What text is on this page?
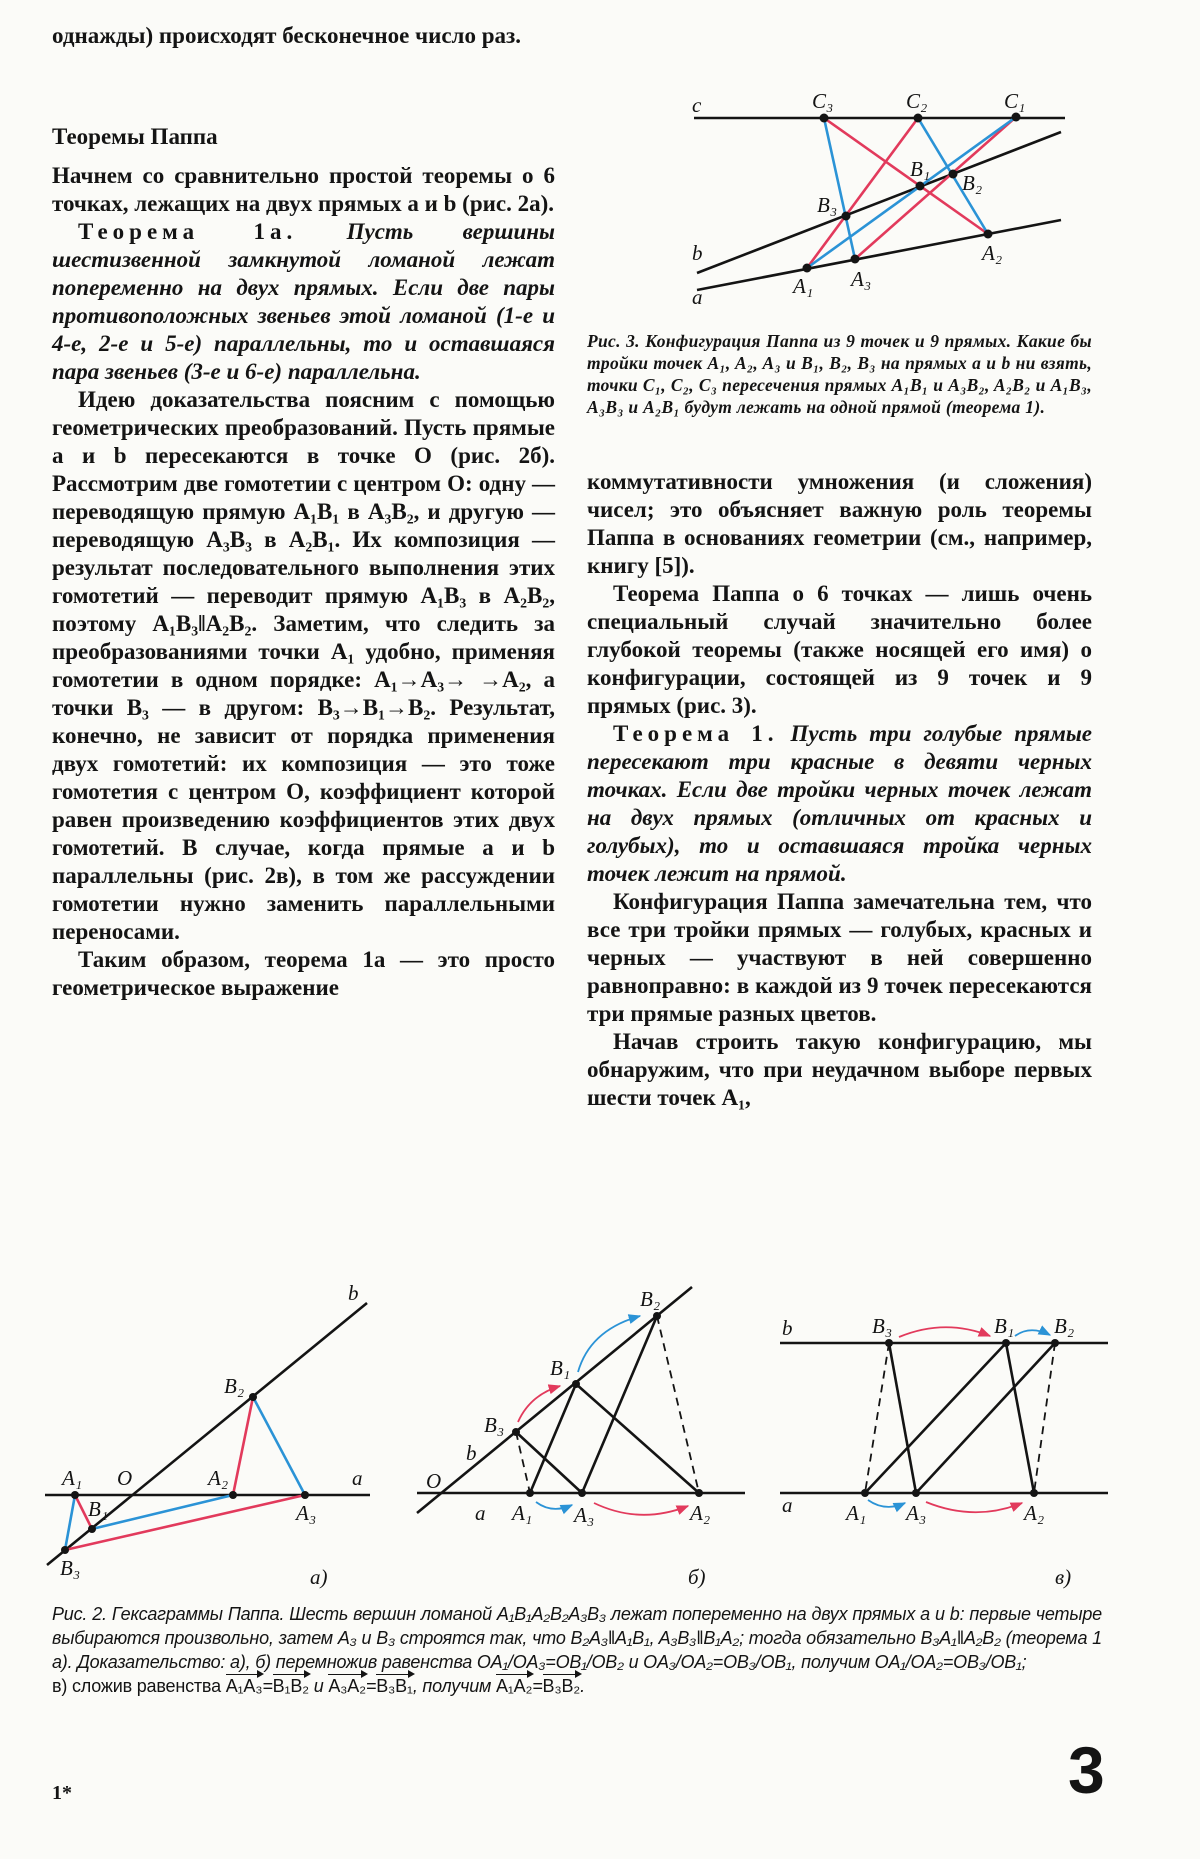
однажды) происходят бесконечное число раз.

Теоремы Паппа

Начнем со сравнительно простой теоремы о 6 точках, лежащих на двух прямых a и b (рис. 2а).

Теорема 1а. Пусть вершины шестизвенной замкнутой ломаной лежат попеременно на двух прямых. Если две пары противоположных звеньев этой ломаной (1-е и 4-е, 2-е и 5-е) параллельны, то и оставшаяся пара звеньев (3-е и 6-е) параллельна.

Идею доказательства поясним с помощью геометрических преобразований. Пусть прямые a и b пересекаются в точке O (рис. 2б). Рассмотрим две гомотетии с центром O: одну — переводящую прямую A₁B₁ в A₃B₂, и другую — переводящую A₃B₃ в A₂B₁. Их композиция — результат последовательного выполнения этих гомотетий — переводит прямую A₁B₃ в A₂B₂, поэтому A₁B₃‖A₂B₂. Заметим, что следить за преобразованиями точки A₁ удобно, применяя гомотетии в одном порядке: A₁→A₃→ →A₂, а точки B₃ — в другом: B₃→B₁→B₂. Результат, конечно, не зависит от порядка применения двух гомотетий: их композиция — это тоже гомотетия с центром O, коэффициент которой равен произведению коэффициентов этих двух гомотетий. В случае, когда прямые a и b параллельны (рис. 2в), в том же рассуждении гомотетии нужно заменить параллельными переносами.

Таким образом, теорема 1а — это просто геометрическое выражение

Рис. 3. Конфигурация Паппа из 9 точек и 9 прямых. Какие бы тройки точек A₁, A₂, A₃ и B₁, B₂, B₃ на прямых a и b ни взять, точки C₁, C₂, C₃ пересечения прямых A₁B₁ и A₃B₂, A₂B₂ и A₁B₃, A₃B₃ и A₂B₁ будут лежать на одной прямой (теорема 1).

коммутативности умножения (и сложения) чисел; это объясняет важную роль теоремы Паппа в основаниях геометрии (см., например, книгу [5]).

Теорема Паппа о 6 точках — лишь очень специальный случай значительно более глубокой теоремы (также носящей его имя) о конфигурации, состоящей из 9 точек и 9 прямых (рис. 3).

Теорема 1. Пусть три голубые прямые пересекают три красные в девяти черных точках. Если две тройки черных точек лежат на двух прямых (отличных от красных и голубых), то и оставшаяся тройка черных точек лежит на прямой.

Конфигурация Паппа замечательна тем, что все три тройки прямых — голубых, красных и черных — участвуют в ней совершенно равноправно: в каждой из 9 точек пересекаются три прямые разных цветов.

Начав строить такую конфигурацию, мы обнаружим, что при неудачном выборе первых шести точек A₁,

c
b
a
C₃	C₂	C₁
B₁
B₂
B₃
A₁ A₃
A₂
b
a
O
A₁	A₂
A₃
B₂
B₁
B₃	а)
b
a
O
A₁ A₃	A₂
B₃
B₁
B₂
б)
b
a
B₃	B₁ B₂
A₁ A₃	A₂
в)
Рис. 2. Гексаграммы Паппа. Шесть вершин ломаной A₁B₁A₂B₂A₃B₃ лежат попеременно на двух прямых a и b: первые четыре выбираются произвольно, затем A₃ и B₃ строятся так, что B₂A₃‖A₁B₁, A₃B₃‖B₁A₂; тогда обязательно B₃A₁‖A₂B₂ (теорема 1 а). Доказательство: а), б) перемножив равенства OA₁/OA₃=OB₁/OB₂ и OA₃/OA₂=OB₃/OB₁, получим OA₁/OA₂=OB₃/OB₁;
в) сложив равенства A₁A₃=B₁B₂ и A₃A₂=B₃B₁, получим A₁A₂=B₃B₂.
1*	3
